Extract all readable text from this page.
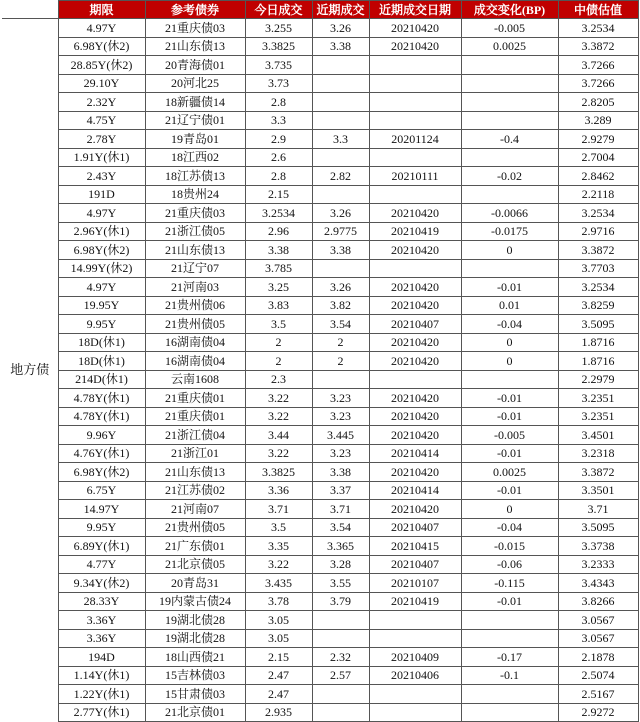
	期限	参考债券	今日成交	近期成交	近期成交日期	成交变化(BP)	中债估值
地方债	4.97Y	21重庆债03	3.255	3.26	20210420	-0.005	3.2534
	6.98Y(休2)	21山东债13	3.3825	3.38	20210420	0.0025	3.3872
	28.85Y(休2)	20青海债01	3.735				3.7266
	29.10Y	20河北25	3.73				3.7266
	2.32Y	18新疆债14	2.8				2.8205
	4.75Y	21辽宁债01	3.3				3.289
	2.78Y	19青岛01	2.9	3.3	20201124	-0.4	2.9279
	1.91Y(休1)	18江西02	2.6				2.7004
	2.43Y	18江苏债13	2.8	2.82	20210111	-0.02	2.8462
	191D	18贵州24	2.15				2.2118
	4.97Y	21重庆债03	3.2534	3.26	20210420	-0.0066	3.2534
	2.96Y(休1)	21浙江债05	2.96	2.9775	20210419	-0.0175	2.9716
	6.98Y(休2)	21山东债13	3.38	3.38	20210420	0	3.3872
	14.99Y(休2)	21辽宁07	3.785				3.7703
	4.97Y	21河南03	3.25	3.26	20210420	-0.01	3.2534
	19.95Y	21贵州债06	3.83	3.82	20210420	0.01	3.8259
	9.95Y	21贵州债05	3.5	3.54	20210407	-0.04	3.5095
	18D(休1)	16湖南债04	2	2	20210420	0	1.8716
	18D(休1)	16湖南债04	2	2	20210420	0	1.8716
	214D(休1)	云南1608	2.3				2.2979
	4.78Y(休1)	21重庆债01	3.22	3.23	20210420	-0.01	3.2351
	4.78Y(休1)	21重庆债01	3.22	3.23	20210420	-0.01	3.2351
	9.96Y	21浙江债04	3.44	3.445	20210420	-0.005	3.4501
	4.76Y(休1)	21浙江01	3.22	3.23	20210414	-0.01	3.2318
	6.98Y(休2)	21山东债13	3.3825	3.38	20210420	0.0025	3.3872
	6.75Y	21江苏债02	3.36	3.37	20210414	-0.01	3.3501
	14.97Y	21河南07	3.71	3.71	20210420	0	3.71
	9.95Y	21贵州债05	3.5	3.54	20210407	-0.04	3.5095
	6.89Y(休1)	21广东债01	3.35	3.365	20210415	-0.015	3.3738
	4.77Y	21北京债05	3.22	3.28	20210407	-0.06	3.2333
	9.34Y(休2)	20青岛31	3.435	3.55	20210107	-0.115	3.4343
	28.33Y	19内蒙古债24	3.78	3.79	20210419	-0.01	3.8266
	3.36Y	19湖北债28	3.05				3.0567
	3.36Y	19湖北债28	3.05				3.0567
	194D	18山西债21	2.15	2.32	20210409	-0.17	2.1878
	1.14Y(休1)	15吉林债03	2.47	2.57	20210406	-0.1	2.5074
	1.22Y(休1)	15甘肃债03	2.47				2.5167
	2.77Y(休1)	21北京债01	2.935				2.9272
